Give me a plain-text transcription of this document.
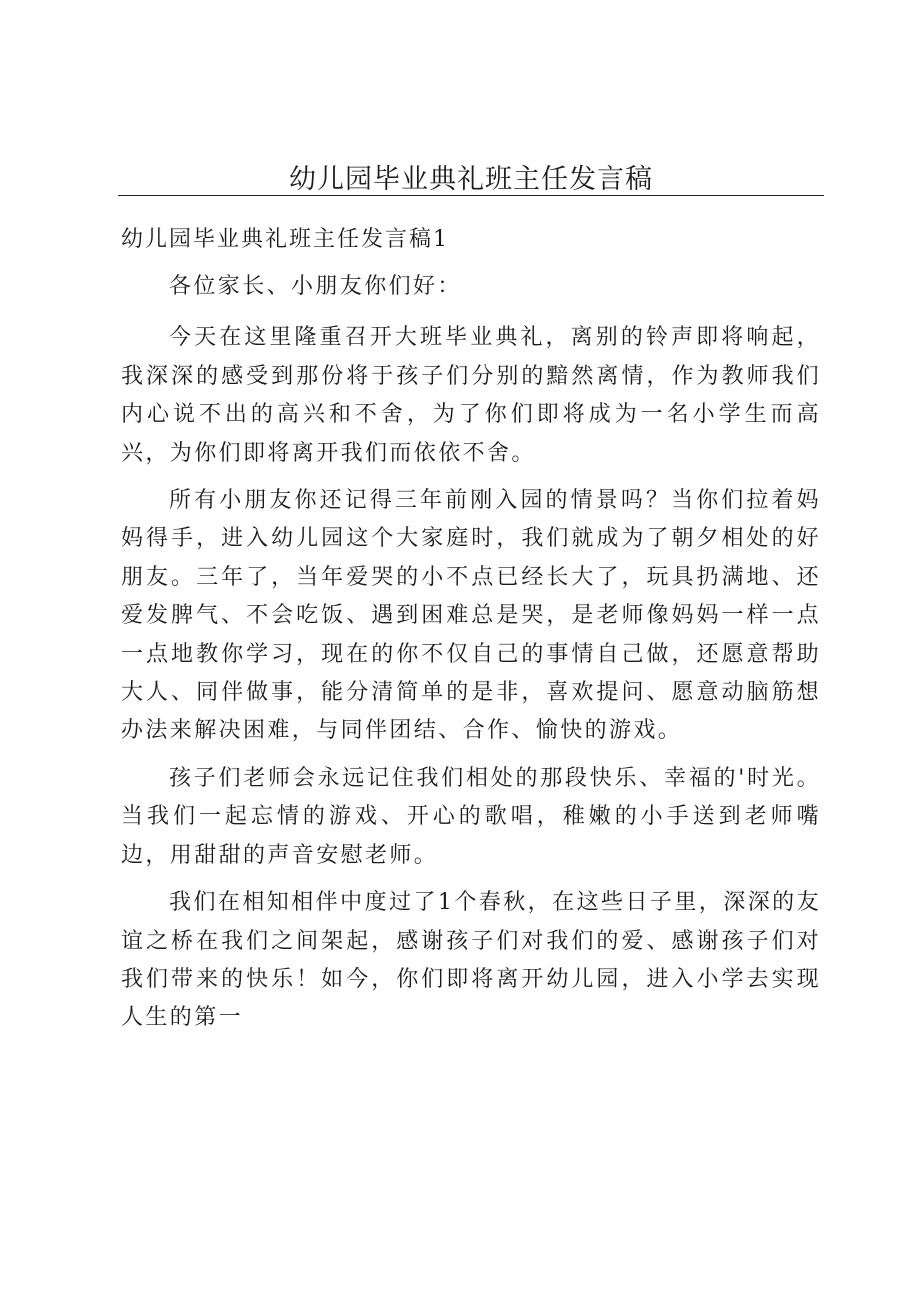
幼儿园毕业典礼班主任发言稿
幼儿园毕业典礼班主任发言稿1

各位家长、小朋友你们好：

今天在这里隆重召开大班毕业典礼，离别的铃声即将响起，我深深的感受到那份将于孩子们分别的黯然离情，作为教师我们内心说不出的高兴和不舍，为了你们即将成为一名小学生而高兴，为你们即将离开我们而依依不舍。

所有小朋友你还记得三年前刚入园的情景吗？当你们拉着妈妈得手，进入幼儿园这个大家庭时，我们就成为了朝夕相处的好朋友。三年了，当年爱哭的小不点已经长大了，玩具扔满地、还爱发脾气、不会吃饭、遇到困难总是哭，是老师像妈妈一样一点一点地教你学习，现在的你不仅自己的事情自己做，还愿意帮助大人、同伴做事，能分清简单的是非，喜欢提问、愿意动脑筋想办法来解决困难，与同伴团结、合作、愉快的游戏。

孩子们老师会永远记住我们相处的那段快乐、幸福的'时光。当我们一起忘情的游戏、开心的歌唱，稚嫩的小手送到老师嘴边，用甜甜的声音安慰老师。

我们在相知相伴中度过了1个春秋，在这些日子里，深深的友谊之桥在我们之间架起，感谢孩子们对我们的爱、感谢孩子们对我们带来的快乐！如今，你们即将离开幼儿园，进入小学去实现人生的第一
